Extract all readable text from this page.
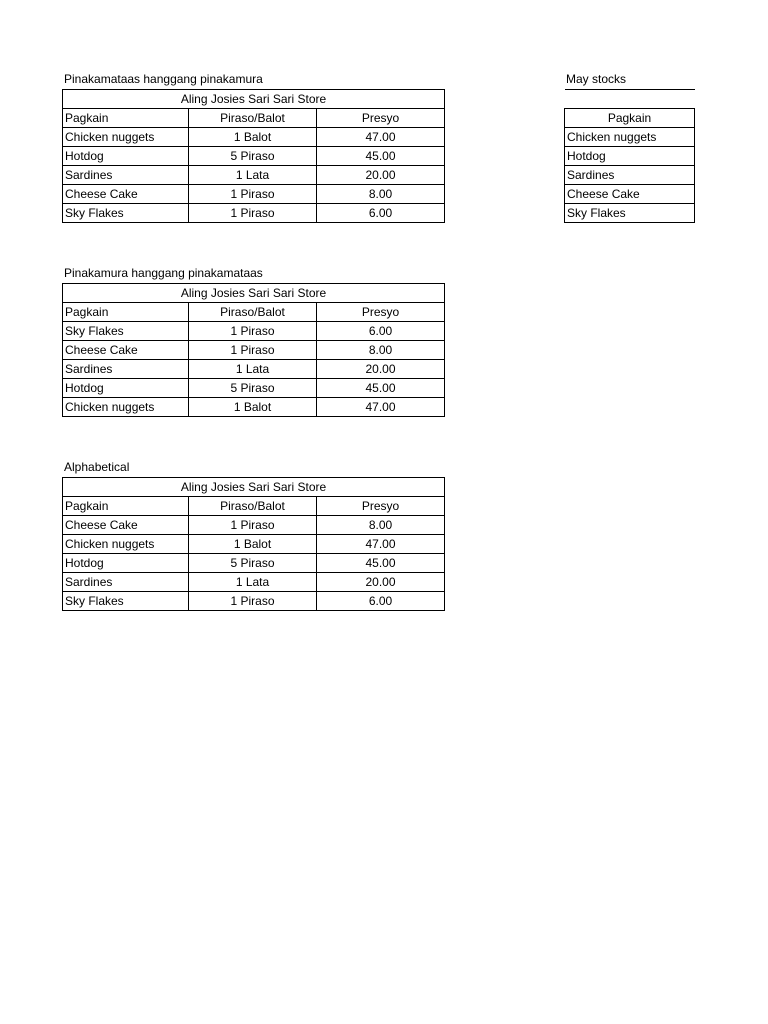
Pinakamataas hanggang pinakamura
Aling Josies Sari Sari Store		
Pagkain	Piraso/Balot	Presyo
Chicken nuggets	1 Balot	47.00
Hotdog	5 Piraso	45.00
Sardines	1 Lata	20.00
Cheese Cake	1 Piraso	8.00
Sky Flakes	1 Piraso	6.00
May stocks

Pagkain
Chicken nuggets
Hotdog
Sardines
Cheese Cake
Sky Flakes
Pinakamura hanggang pinakamataas
Aling Josies Sari Sari Store		
Pagkain	Piraso/Balot	Presyo
Sky Flakes	1 Piraso	6.00
Cheese Cake	1 Piraso	8.00
Sardines	1 Lata	20.00
Hotdog	5 Piraso	45.00
Chicken nuggets	1 Balot	47.00
Alphabetical
Aling Josies Sari Sari Store		
Pagkain	Piraso/Balot	Presyo
Cheese Cake	1 Piraso	8.00
Chicken nuggets	1 Balot	47.00
Hotdog	5 Piraso	45.00
Sardines	1 Lata	20.00
Sky Flakes	1 Piraso	6.00
